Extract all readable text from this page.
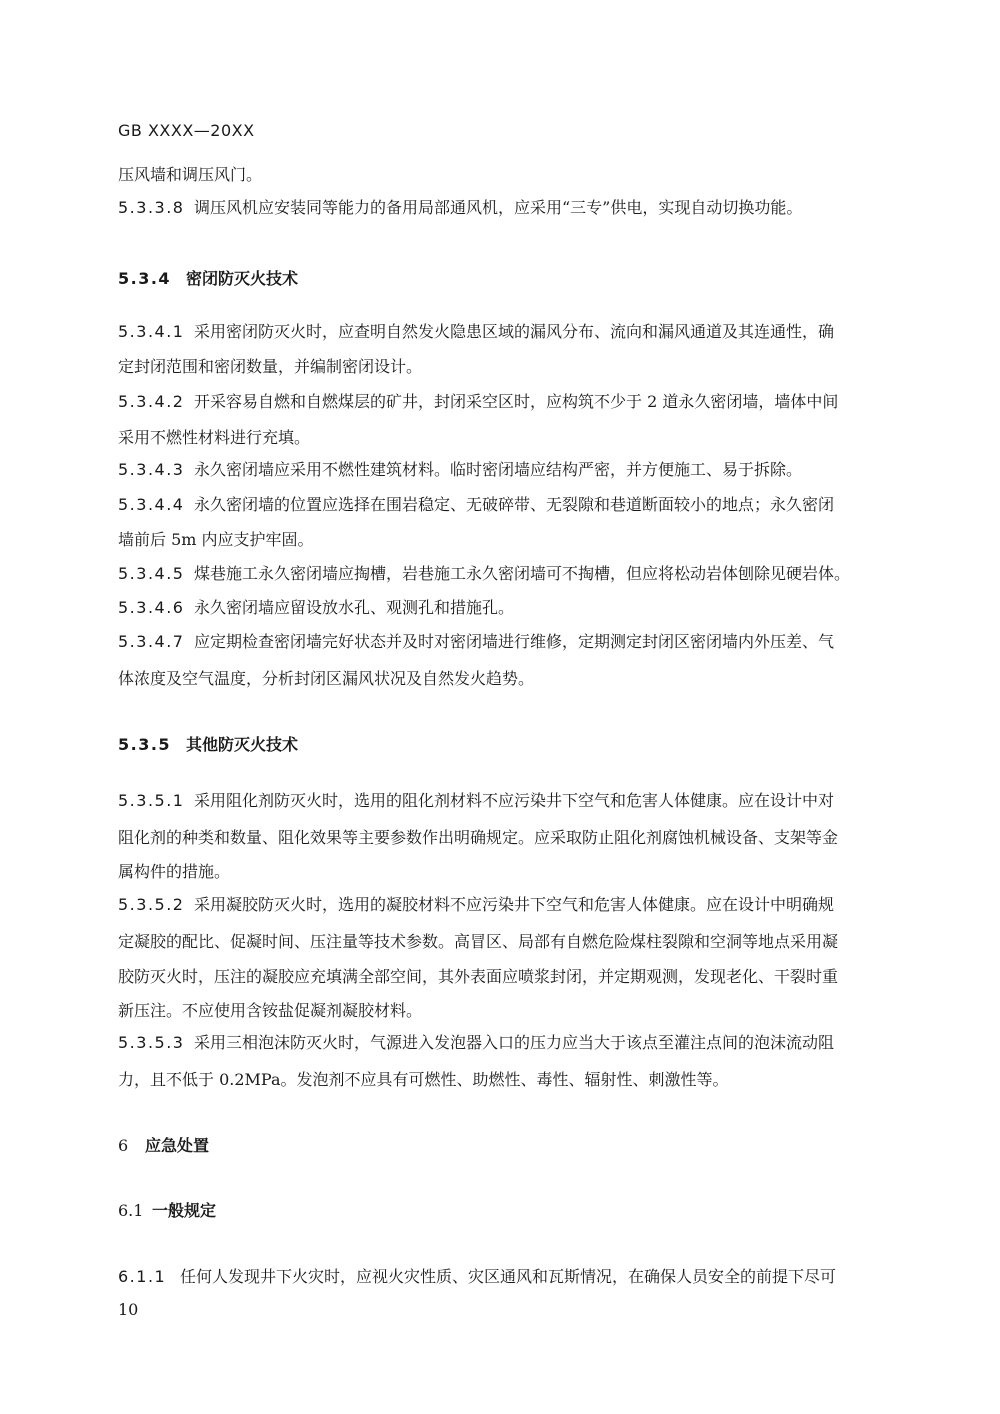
GB XXXX—20XX
压风墙和调压风门。
5.3.3.8 调压风机应安装同等能力的备用局部通风机，应采用“三专”供电，实现自动切换功能。
5.3.4 密闭防灭火技术
5.3.4.1 采用密闭防灭火时，应查明自然发火隐患区域的漏风分布、流向和漏风通道及其连通性，确
定封闭范围和密闭数量，并编制密闭设计。
5.3.4.2 开采容易自燃和自燃煤层的矿井，封闭采空区时，应构筑不少于 2 道永久密闭墙，墙体中间
采用不燃性材料进行充填。
5.3.4.3 永久密闭墙应采用不燃性建筑材料。临时密闭墙应结构严密，并方便施工、易于拆除。
5.3.4.4 永久密闭墙的位置应选择在围岩稳定、无破碎带、无裂隙和巷道断面较小的地点；永久密闭
墙前后 5m 内应支护牢固。
5.3.4.5 煤巷施工永久密闭墙应掏槽，岩巷施工永久密闭墙可不掏槽，但应将松动岩体刨除见硬岩体。
5.3.4.6 永久密闭墙应留设放水孔、观测孔和措施孔。
5.3.4.7 应定期检查密闭墙完好状态并及时对密闭墙进行维修，定期测定封闭区密闭墙内外压差、气
体浓度及空气温度，分析封闭区漏风状况及自然发火趋势。
5.3.5 其他防灭火技术
5.3.5.1 采用阻化剂防灭火时，选用的阻化剂材料不应污染井下空气和危害人体健康。应在设计中对
阻化剂的种类和数量、阻化效果等主要参数作出明确规定。应采取防止阻化剂腐蚀机械设备、支架等金
属构件的措施。
5.3.5.2 采用凝胶防灭火时，选用的凝胶材料不应污染井下空气和危害人体健康。应在设计中明确规
定凝胶的配比、促凝时间、压注量等技术参数。高冒区、局部有自燃危险煤柱裂隙和空洞等地点采用凝
胶防灭火时，压注的凝胶应充填满全部空间，其外表面应喷浆封闭，并定期观测，发现老化、干裂时重
新压注。不应使用含铵盐促凝剂凝胶材料。
5.3.5.3 采用三相泡沫防灭火时，气源进入发泡器入口的压力应当大于该点至灌注点间的泡沫流动阻
力，且不低于 0.2MPa。发泡剂不应具有可燃性、助燃性、毒性、辐射性、刺激性等。
6 应急处置
6.1 一般规定
6.1.1 任何人发现井下火灾时，应视火灾性质、灾区通风和瓦斯情况，在确保人员安全的前提下尽可
10
